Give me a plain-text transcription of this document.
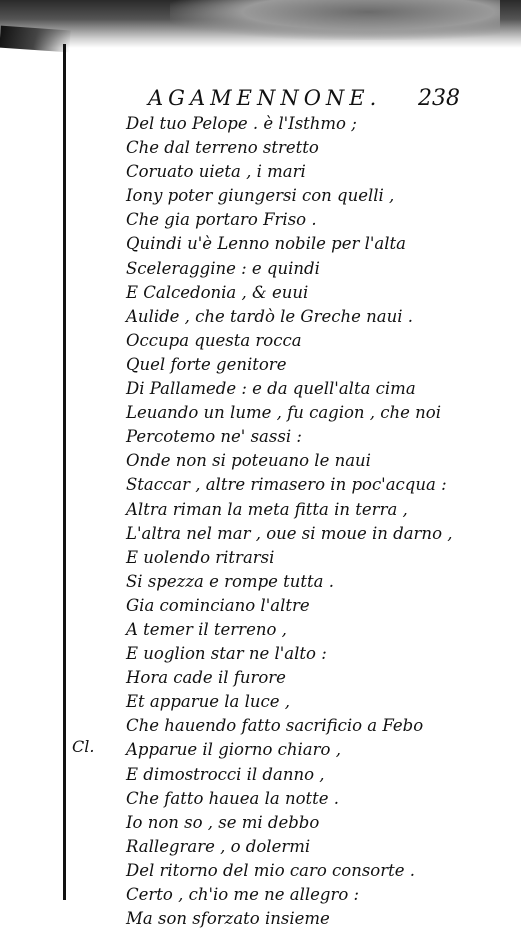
AGAMENNONE. 238
Cl.
Del tuo Pelope . è l'Isthmo ;
Che dal terreno stretto
Coruato uieta , i mari
Iony poter giungersi con quelli ,
Che gia portaro Friso .
Quindi u'è Lenno nobile per l'alta
Sceleraggine : e quindi
E Calcedonia , & euui
Aulide , che tardò le Greche naui .
Occupa questa rocca
Quel forte genitore
Di Pallamede : e da quell'alta cima
Leuando un lume , fu cagion , che noi
Percotemo ne' sassi :
Onde non si poteuano le naui
Staccar , altre rimasero in poc'acqua :
Altra riman la meta fitta in terra ,
L'altra nel mar , oue si moue in darno ,
E uolendo ritrarsi
Si spezza e rompe tutta .
Gia cominciano l'altre
A temer il terreno ,
E uoglion star ne l'alto :
Hora cade il furore
Et apparue la luce ,
Che hauendo fatto sacrificio a Febo
Apparue il giorno chiaro ,
E dimostrocci il danno ,
Che fatto hauea la notte .
Io non so , se mi debbo
Rallegrare , o dolermi
Del ritorno del mio caro consorte .
Certo , ch'io me ne allegro :
Ma son sforzato insieme
